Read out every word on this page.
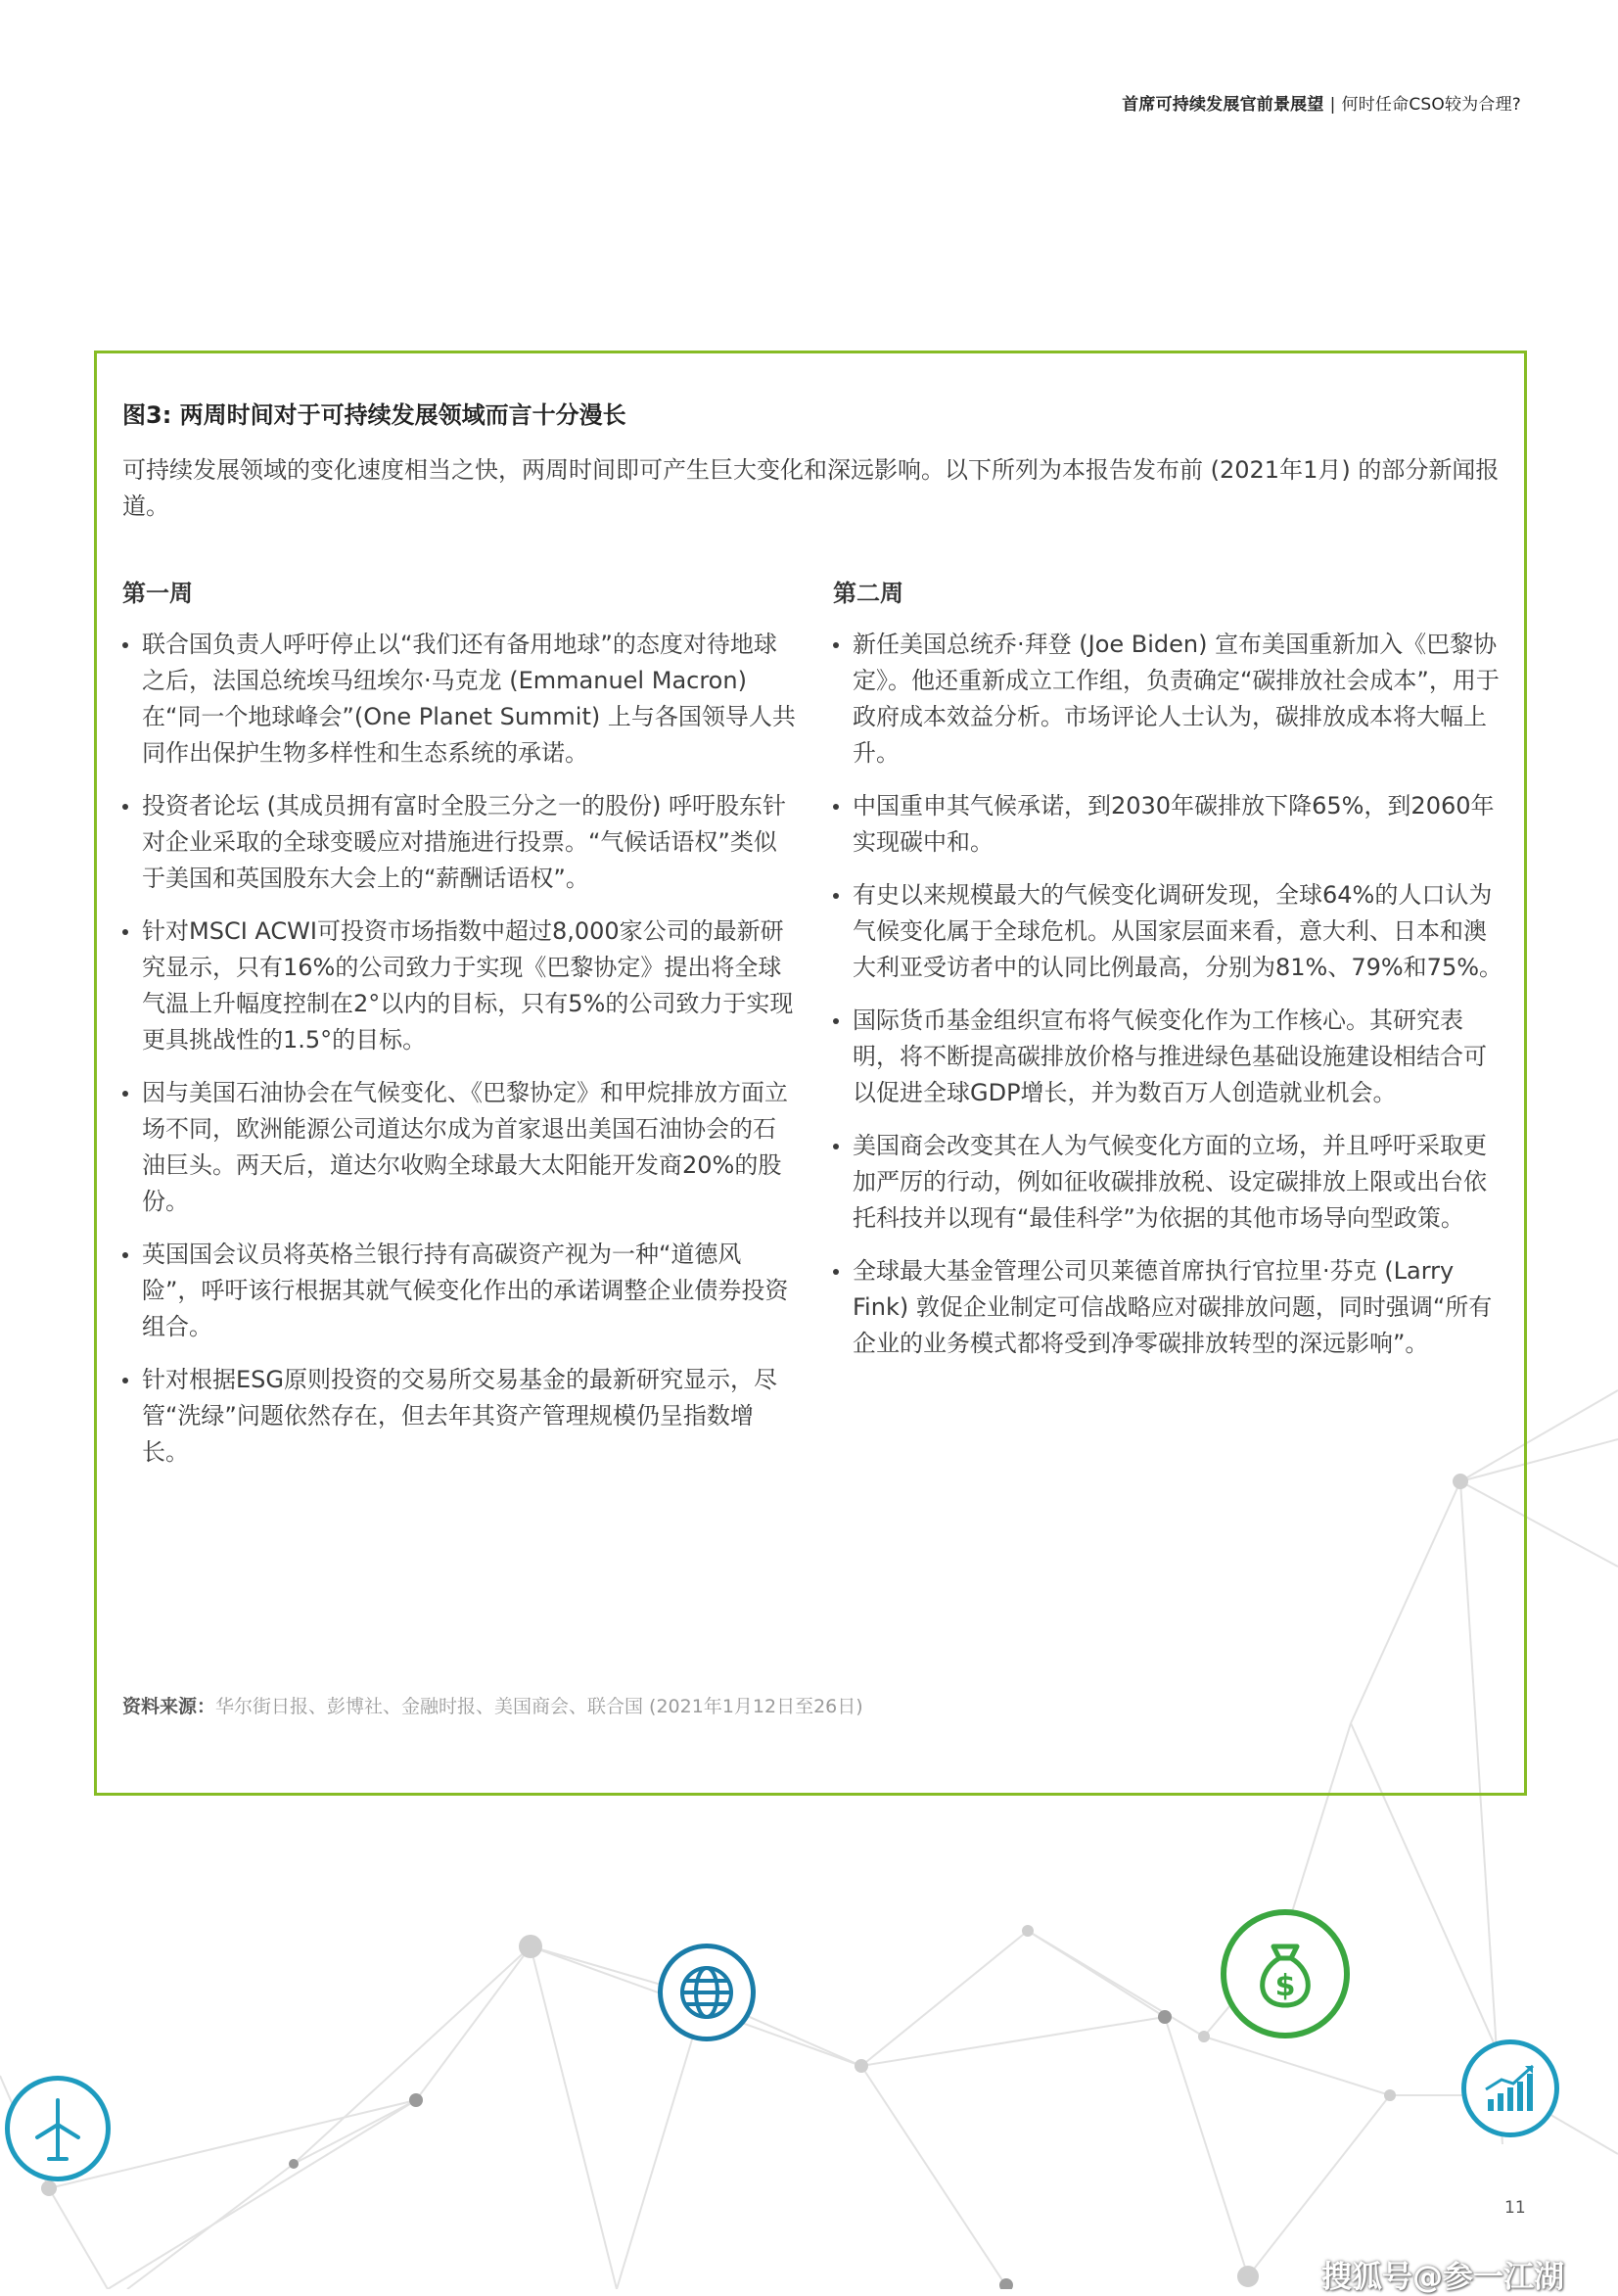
首席可持续发展官前景展望 | 何时任命CSO较为合理?
图3: 两周时间对于可持续发展领域而言十分漫长
可持续发展领域的变化速度相当之快，两周时间即可产生巨大变化和深远影响。以下所列为本报告发布前 (2021年1月) 的部分新闻报道。
第一周
联合国负责人呼吁停止以“我们还有备用地球”的态度对待地球之后，法国总统埃马纽埃尔·马克龙 (Emmanuel Macron) 在“同一个地球峰会”(One Planet Summit) 上与各国领导人共同作出保护生物多样性和生态系统的承诺。
投资者论坛 (其成员拥有富时全股三分之一的股份) 呼吁股东针对企业采取的全球变暖应对措施进行投票。“气候话语权”类似于美国和英国股东大会上的“薪酬话语权”。
针对MSCI ACWI可投资市场指数中超过8,000家公司的最新研究显示，只有16%的公司致力于实现《巴黎协定》提出将全球气温上升幅度控制在2°以内的目标，只有5%的公司致力于实现更具挑战性的1.5°的目标。
因与美国石油协会在气候变化、《巴黎协定》和甲烷排放方面立场不同，欧洲能源公司道达尔成为首家退出美国石油协会的石油巨头。两天后，道达尔收购全球最大太阳能开发商20%的股份。
英国国会议员将英格兰银行持有高碳资产视为一种“道德风险”，呼吁该行根据其就气候变化作出的承诺调整企业债券投资组合。
针对根据ESG原则投资的交易所交易基金的最新研究显示，尽管“洗绿”问题依然存在，但去年其资产管理规模仍呈指数增长。
第二周
新任美国总统乔·拜登 (Joe Biden) 宣布美国重新加入《巴黎协定》。他还重新成立工作组，负责确定“碳排放社会成本”，用于政府成本效益分析。市场评论人士认为，碳排放成本将大幅上升。
中国重申其气候承诺，到2030年碳排放下降65%，到2060年实现碳中和。
有史以来规模最大的气候变化调研发现，全球64%的人口认为气候变化属于全球危机。从国家层面来看，意大利、日本和澳大利亚受访者中的认同比例最高，分别为81%、79%和75%。
国际货币基金组织宣布将气候变化作为工作核心。其研究表明，将不断提高碳排放价格与推进绿色基础设施建设相结合可以促进全球GDP增长，并为数百万人创造就业机会。
美国商会改变其在人为气候变化方面的立场，并且呼吁采取更加严厉的行动，例如征收碳排放税、设定碳排放上限或出台依托科技并以现有“最佳科学”为依据的其他市场导向型政策。
全球最大基金管理公司贝莱德首席执行官拉里·芬克 (Larry Fink) 敦促企业制定可信战略应对碳排放问题，同时强调“所有企业的业务模式都将受到净零碳排放转型的深远影响”。
资料来源：华尔街日报、彭博社、金融时报、美国商会、联合国 (2021年1月12日至26日)
$
11
搜狐号@参一江湖
